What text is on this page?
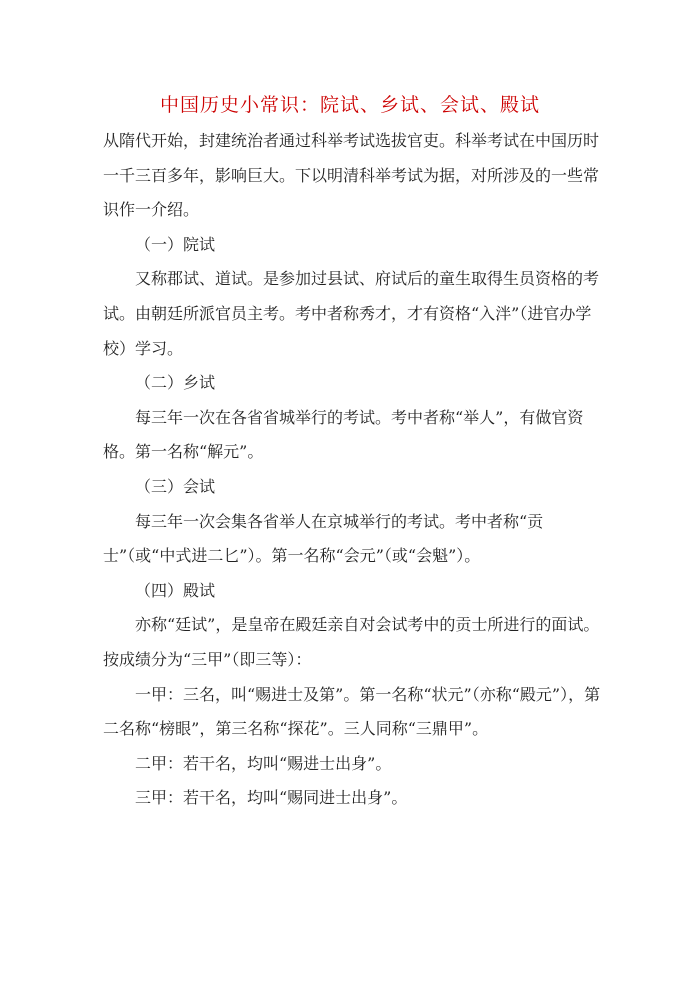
中国历史小常识：院试、乡试、会试、殿试

从隋代开始，封建统治者通过科举考试选拔官吏。科举考试在中国历时一千三百多年，影响巨大。下以明清科举考试为据，对所涉及的一些常识作一介绍。

（一）院试

又称郡试、道试。是参加过县试、府试后的童生取得生员资格的考试。由朝廷所派官员主考。考中者称秀才，才有资格“入泮”（进官办学校）学习。

（二）乡试

每三年一次在各省省城举行的考试。考中者称“举人”，有做官资格。第一名称“解元”。

（三）会试

每三年一次会集各省举人在京城举行的考试。考中者称“贡士”（或“中式进二匕”）。第一名称“会元”（或“会魁”）。

（四）殿试

亦称“廷试”，是皇帝在殿廷亲自对会试考中的贡士所进行的面试。按成绩分为“三甲”（即三等）：

一甲：三名，叫“赐进士及第”。第一名称“状元”（亦称“殿元”），第二名称“榜眼”，第三名称“探花”。三人同称“三鼎甲”。

二甲：若干名，均叫“赐进士出身”。

三甲：若干名，均叫“赐同进士出身”。
